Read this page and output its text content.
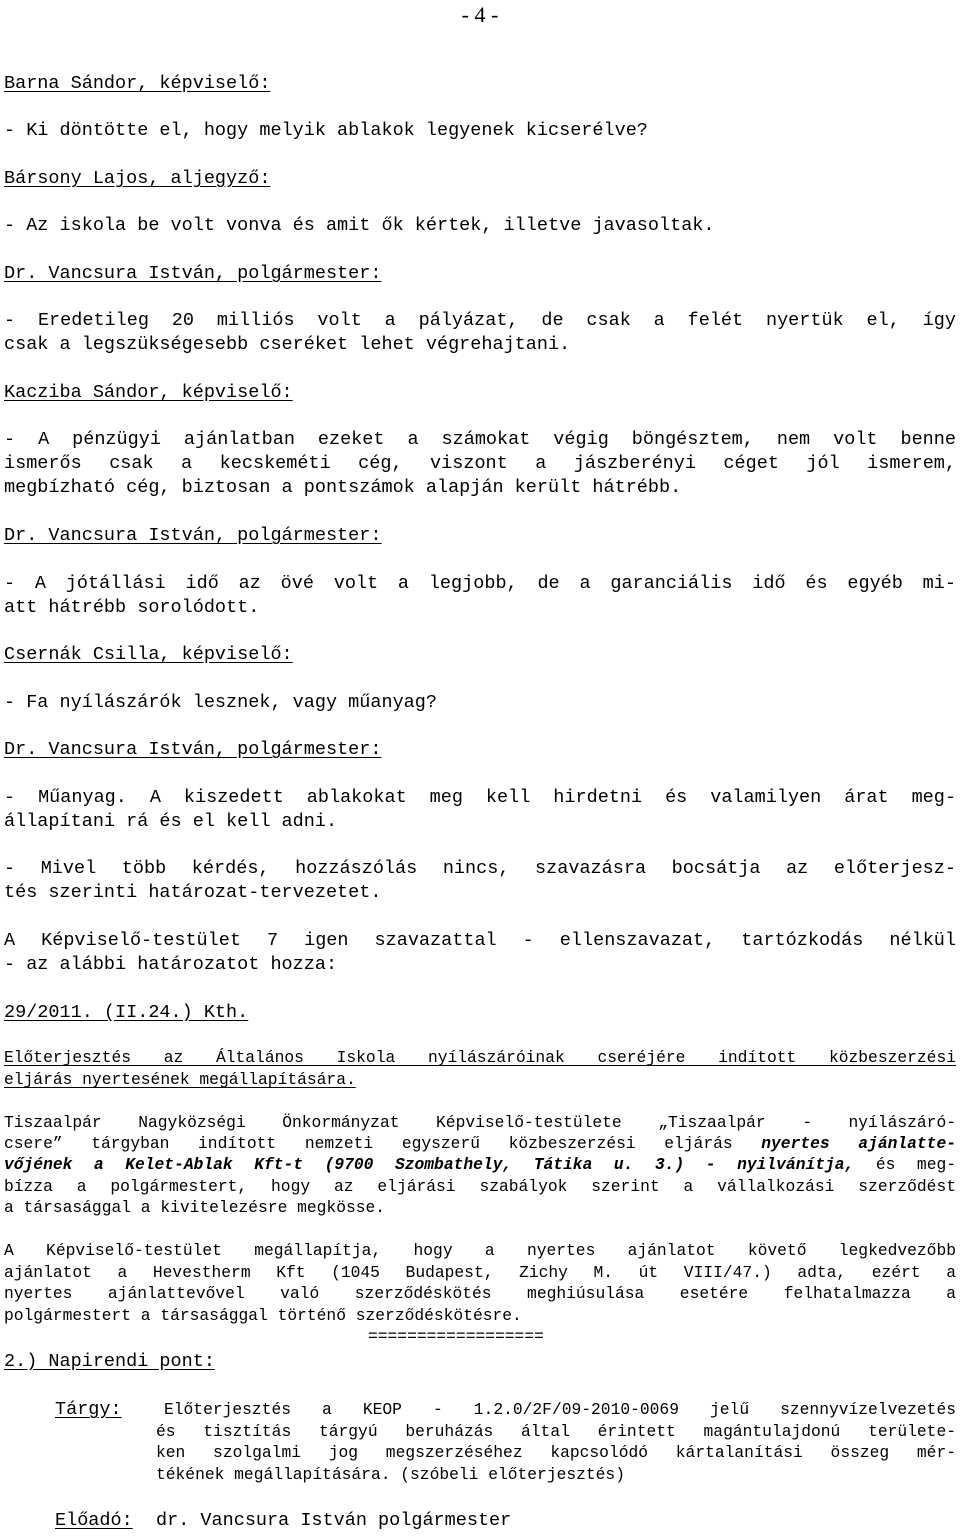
- 4 -
Barna Sándor, képviselő:
- Ki döntötte el, hogy melyik ablakok legyenek kicserélve?
Bársony Lajos, aljegyző:
- Az iskola be volt vonva és amit ők kértek, illetve javasoltak.
Dr. Vancsura István, polgármester:
- Eredetileg 20 milliós volt a pályázat, de csak a felét nyertük el, így
csak a legszükségesebb cseréket lehet végrehajtani.
Kacziba Sándor, képviselő:
- A pénzügyi ajánlatban ezeket a számokat végig böngésztem, nem volt benne
ismerős csak a kecskeméti cég, viszont a jászberényi céget jól ismerem,
megbízható cég, biztosan a pontszámok alapján került hátrébb.
Dr. Vancsura István, polgármester:
- A jótállási idő az övé volt a legjobb, de a garanciális idő és egyéb mi-
att hátrébb sorolódott.
Csernák Csilla, képviselő:
- Fa nyílászárók lesznek, vagy műanyag?
Dr. Vancsura István, polgármester:
- Műanyag. A kiszedett ablakokat meg kell hirdetni és valamilyen árat meg-
állapítani rá és el kell adni.
- Mivel több kérdés, hozzászólás nincs, szavazásra bocsátja az előterjesz-
tés szerinti határozat-tervezetet.
A Képviselő-testület 7 igen szavazattal - ellenszavazat, tartózkodás nélkül
- az alábbi határozatot hozza:
29/2011. (II.24.) Kth.
Előterjesztés az Általános Iskola nyílászáróinak cseréjére indított közbeszerzési
eljárás nyertesének megállapítására.
Tiszaalpár Nagyközségi Önkormányzat Képviselő-testülete „Tiszaalpár - nyílászáró-
csere” tárgyban indított nemzeti egyszerű közbeszerzési eljárás nyertes ajánlatte-
vőjének a Kelet-Ablak Kft-t (9700 Szombathely, Tátika u. 3.) - nyilvánítja, és meg-
bízza a polgármestert, hogy az eljárási szabályok szerint a vállalkozási szerződést
a társasággal a kivitelezésre megkösse.
A Képviselő-testület megállapítja, hogy a nyertes ajánlatot követő legkedvezőbb
ajánlatot a Hevestherm Kft (1045 Budapest, Zichy M. út VIII/47.) adta, ezért a
nyertes ajánlattevővel való szerződéskötés meghiúsulása esetére felhatalmazza a
polgármestert a társasággal történő szerződéskötésre.
==================
2.) Napirendi pont:
Tárgy:	Előterjesztés a KEOP - 1.2.0/2F/09-2010-0069 jelű szennyvízelvezetés
és tisztítás tárgyú beruházás által érintett magántulajdonú területe-
ken szolgalmi jog megszerzéséhez kapcsolódó kártalanítási összeg mér-
tékének megállapítására. (szóbeli előterjesztés)
Előadó: dr. Vancsura István polgármester
